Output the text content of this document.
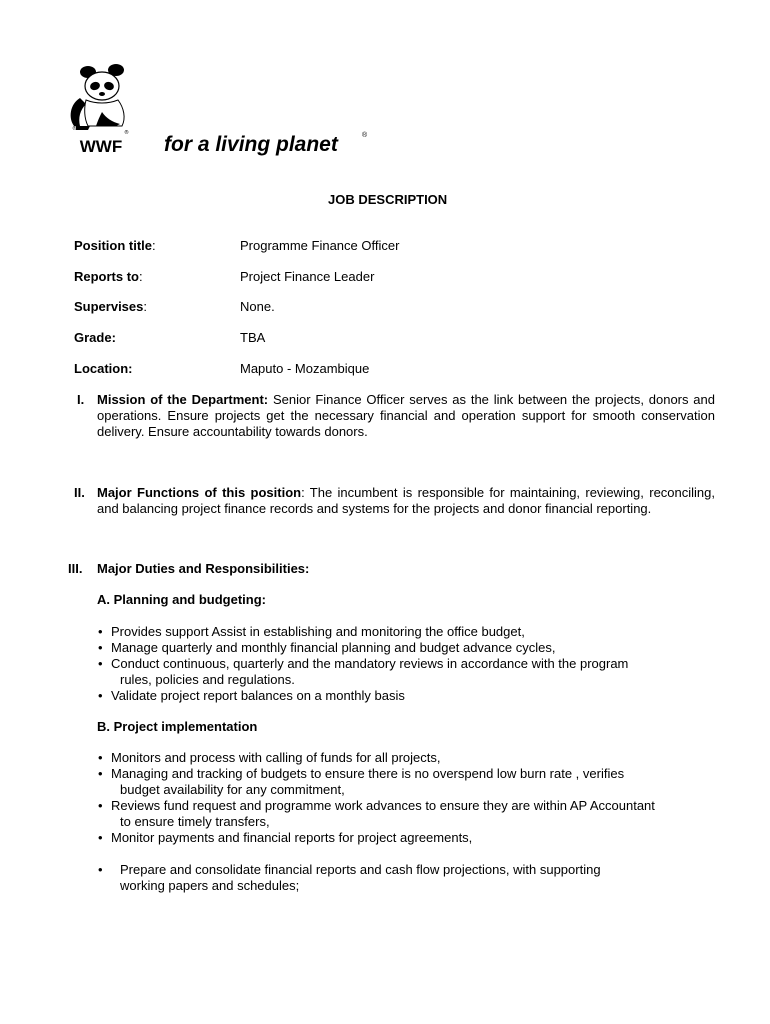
®
®
WWF for a living planet	®
JOB DESCRIPTION
Position title:	Programme Finance Officer
Reports to:	Project Finance Leader
Supervises:	None.
Grade:	TBA
Location:	Maputo - Mozambique
I. Mission of the Department: Senior Finance Officer serves as the link between the projects, donors and operations. Ensure projects get the necessary financial and operation support for smooth conservation delivery. Ensure accountability towards donors.
II. Major Functions of this position: The incumbent is responsible for maintaining, reviewing, reconciling, and balancing project finance records and systems for the projects and donor financial reporting.
III. Major Duties and Responsibilities:
A. Planning and budgeting:
• Provides support Assist in establishing and monitoring the office budget,
• Manage quarterly and monthly financial planning and budget advance cycles,
• Conduct continuous, quarterly and the mandatory reviews in accordance with the program
rules, policies and regulations.
• Validate project report balances on a monthly basis
B. Project implementation
• Monitors and process with calling of funds for all projects,
• Managing and tracking of budgets to ensure there is no overspend low burn rate , verifies
budget availability for any commitment,
• Reviews fund request and programme work advances to ensure they are within AP Accountant
to ensure timely transfers,
• Monitor payments and financial reports for project agreements,
• Prepare and consolidate financial reports and cash flow projections, with supporting
working papers and schedules;
